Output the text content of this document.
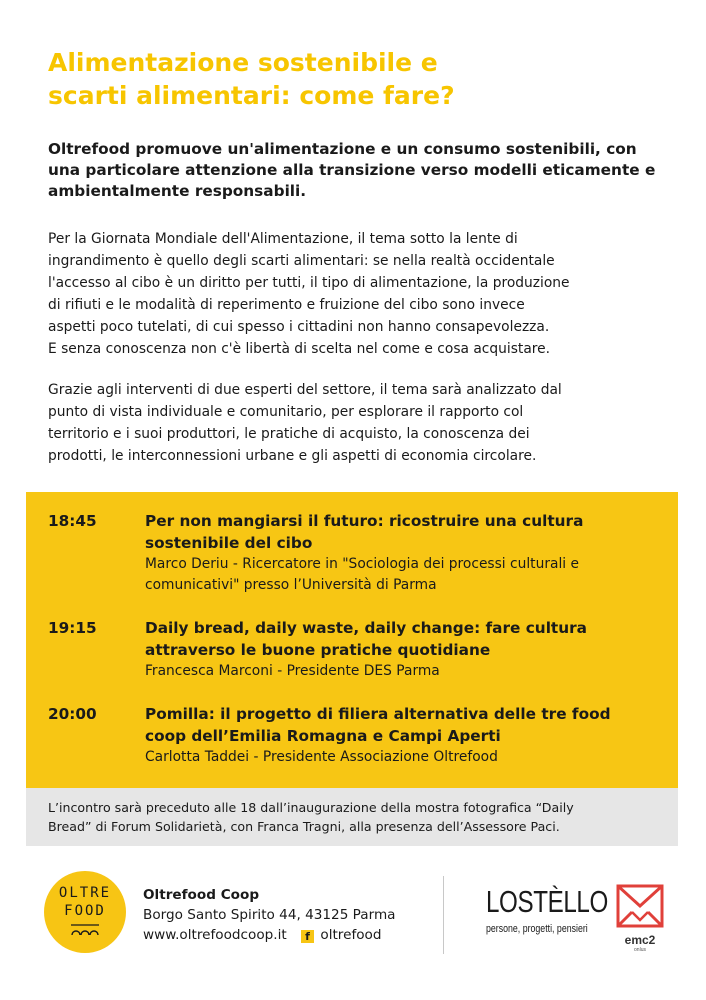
Alimentazione sostenibile e
scarti alimentari: come fare?

Oltrefood promuove un'alimentazione e un consumo sostenibili, con una particolare attenzione alla transizione verso modelli eticamente e ambientalmente responsabili.

Per la Giornata Mondiale dell'Alimentazione, il tema sotto la lente di
ingrandimento è quello degli scarti alimentari: se nella realtà occidentale
l'accesso al cibo è un diritto per tutti, il tipo di alimentazione, la produzione
di rifiuti e le modalità di reperimento e fruizione del cibo sono invece
aspetti poco tutelati, di cui spesso i cittadini non hanno consapevolezza.
E senza conoscenza non c'è libertà di scelta nel come e cosa acquistare.

Grazie agli interventi di due esperti del settore, il tema sarà analizzato dal
punto di vista individuale e comunitario, per esplorare il rapporto col
territorio e i suoi produttori, le pratiche di acquisto, la conoscenza dei
prodotti, le interconnessioni urbane e gli aspetti di economia circolare.

18:45	Per non mangiarsi il futuro: ricostruire una cultura
sostenibile del cibo
Marco Deriu - Ricercatore in "Sociologia dei processi culturali e
comunicativi" presso l’Università di Parma
19:15	Daily bread, daily waste, daily change: fare cultura
attraverso le buone pratiche quotidiane
Francesca Marconi - Presidente DES Parma
20:00	Pomilla: il progetto di filiera alternativa delle tre food
coop dell’Emilia Romagna e Campi Aperti
Carlotta Taddei - Presidente Associazione Oltrefood
L’incontro sarà preceduto alle 18 dall’inaugurazione della mostra fotografica “Daily
Bread” di Forum Solidarietà, con Franca Tragni, alla presenza dell’Assessore Paci.
OLTRE
FOOD
Oltrefood Coop
Borgo Santo Spirito 44, 43125 Parma
www.oltrefoodcoop.it f oltrefood
LOSTÈLLO
persone, progetti, pensieri
emc2
onlus
